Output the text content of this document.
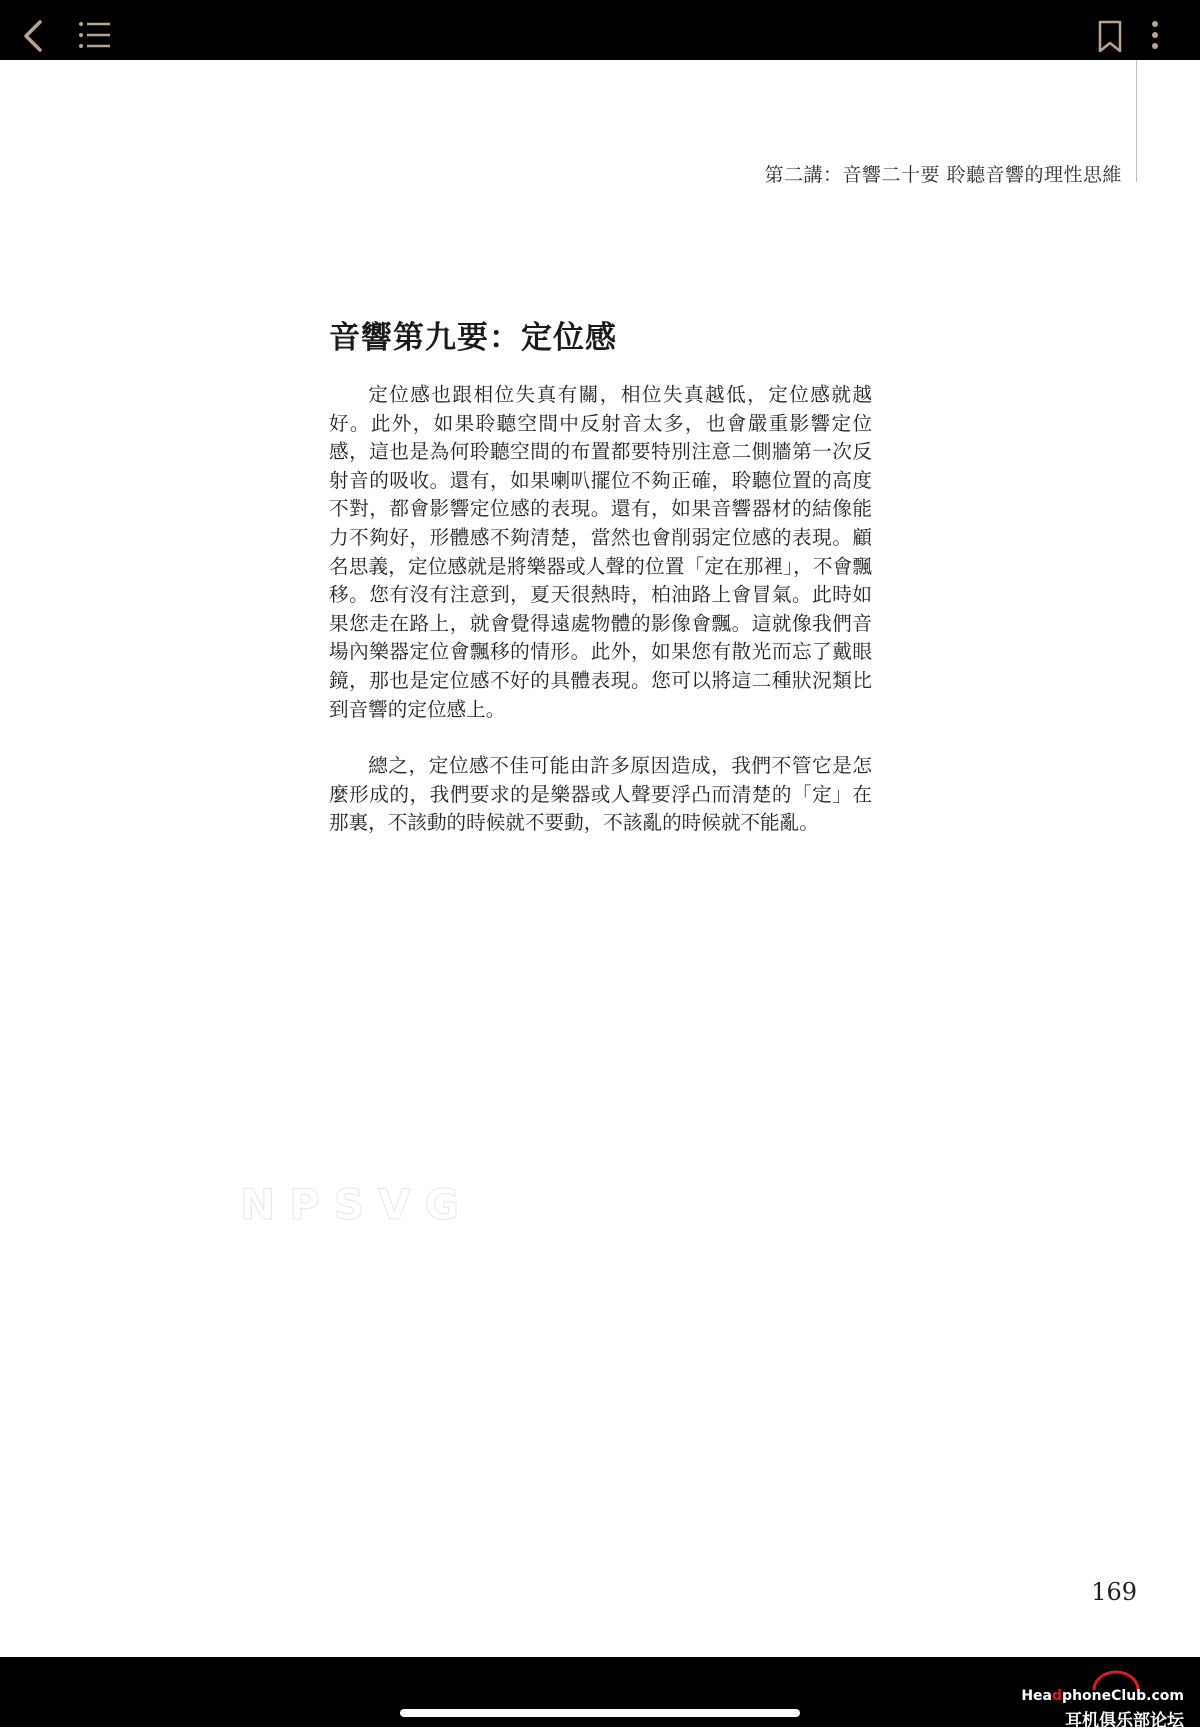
第二講：音響二十要 聆聽音響的理性思維
音響第九要：定位感

定位感也跟相位失真有關，相位失真越低，定位感就越好。此外，如果聆聽空間中反射音太多，也會嚴重影響定位感，這也是為何聆聽空間的布置都要特別注意二側牆第一次反射音的吸收。還有，如果喇叭擺位不夠正確，聆聽位置的高度不對，都會影響定位感的表現。還有，如果音響器材的結像能力不夠好，形體感不夠清楚，當然也會削弱定位感的表現。顧名思義，定位感就是將樂器或人聲的位置「定在那裡」，不會飄移。您有沒有注意到，夏天很熱時，柏油路上會冒氣。此時如果您走在路上，就會覺得遠處物體的影像會飄。這就像我們音場內樂器定位會飄移的情形。此外，如果您有散光而忘了戴眼鏡，那也是定位感不好的具體表現。您可以將這二種狀況類比到音響的定位感上。

總之，定位感不佳可能由許多原因造成，我們不管它是怎麼形成的，我們要求的是樂器或人聲要浮凸而清楚的「定」在那裏，不該動的時候就不要動，不該亂的時候就不能亂。

NPSVG
169
HeadphoneClub.com
耳机俱乐部论坛
